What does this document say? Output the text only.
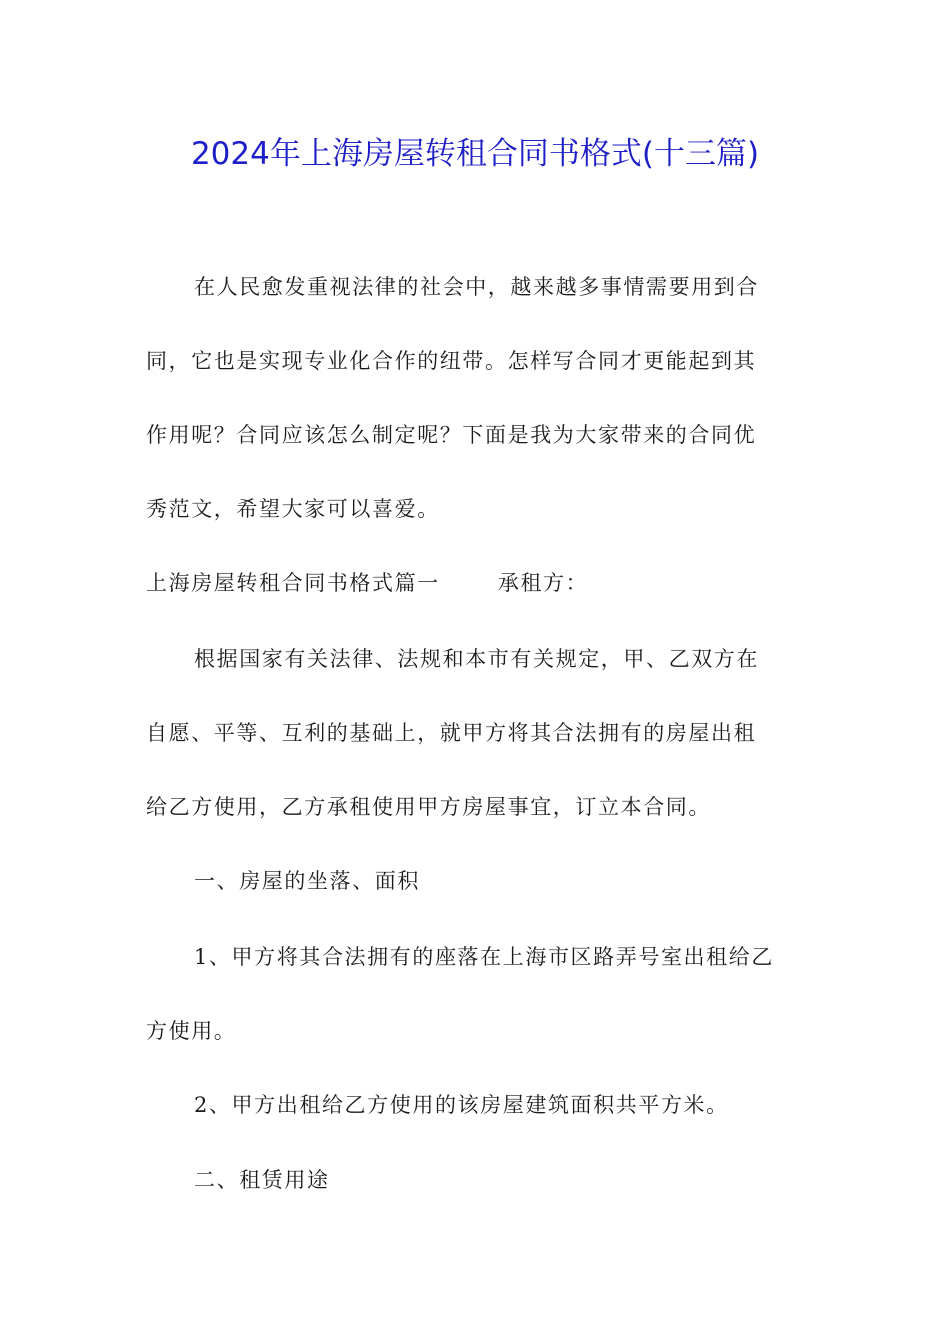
2024年上海房屋转租合同书格式(十三篇)

在人民愈发重视法律的社会中，越来越多事情需要用到合
同，它也是实现专业化合作的纽带。怎样写合同才更能起到其
作用呢？合同应该怎么制定呢？下面是我为大家带来的合同优
秀范文，希望大家可以喜爱。

上海房屋转租合同书格式篇一	承租方：

根据国家有关法律、法规和本市有关规定，甲、乙双方在
自愿、平等、互利的基础上，就甲方将其合法拥有的房屋出租
给乙方使用，乙方承租使用甲方房屋事宜，订立本合同。

一、房屋的坐落、面积

1、甲方将其合法拥有的座落在上海市区路弄号室出租给乙
方使用。

2、甲方出租给乙方使用的该房屋建筑面积共平方米。

二、租赁用途
